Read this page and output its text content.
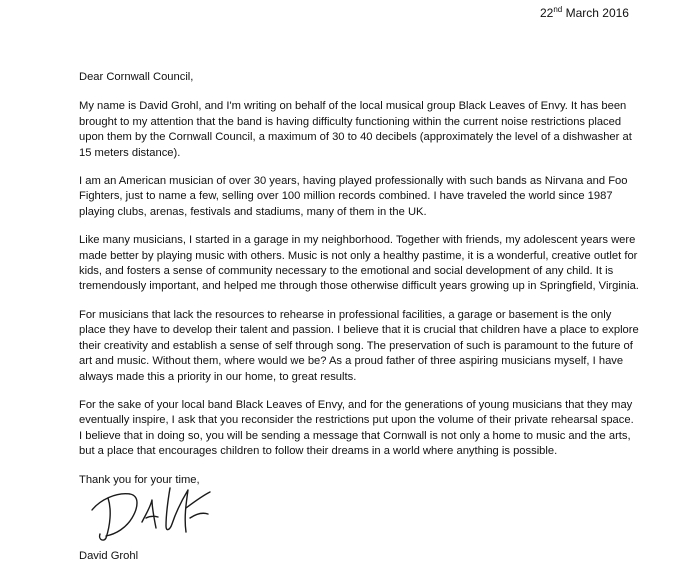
22nd March 2016

Dear Cornwall Council,

My name is David Grohl, and I'm writing on behalf of the local musical group Black Leaves of Envy. It has been brought to my attention that the band is having difficulty functioning within the current noise restrictions placed upon them by the Cornwall Council, a maximum of 30 to 40 decibels (approximately the level of a dishwasher at 15 meters distance).

I am an American musician of over 30 years, having played professionally with such bands as Nirvana and Foo Fighters, just to name a few, selling over 100 million records combined. I have traveled the world since 1987 playing clubs, arenas, festivals and stadiums, many of them in the UK.

Like many musicians, I started in a garage in my neighborhood. Together with friends, my adolescent years were made better by playing music with others. Music is not only a healthy pastime, it is a wonderful, creative outlet for kids, and fosters a sense of community necessary to the emotional and social development of any child. It is tremendously important, and helped me through those otherwise difficult years growing up in Springfield, Virginia.

For musicians that lack the resources to rehearse in professional facilities, a garage or basement is the only place they have to develop their talent and passion. I believe that it is crucial that children have a place to explore their creativity and establish a sense of self through song. The preservation of such is paramount to the future of art and music. Without them, where would we be? As a proud father of three aspiring musicians myself, I have always made this a priority in our home, to great results.

For the sake of your local band Black Leaves of Envy, and for the generations of young musicians that they may eventually inspire, I ask that you reconsider the restrictions put upon the volume of their private rehearsal space. I believe that in doing so, you will be sending a message that Cornwall is not only a home to music and the arts, but a place that encourages children to follow their dreams in a world where anything is possible.

Thank you for your time,

David Grohl
